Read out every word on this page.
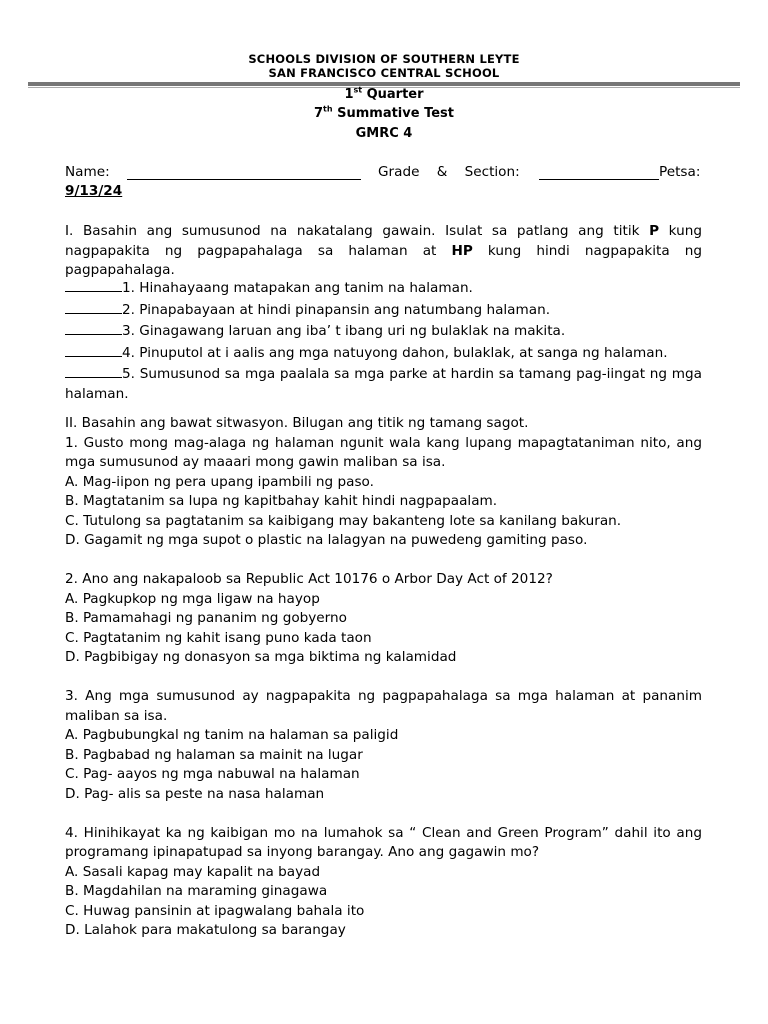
SCHOOLS DIVISION OF SOUTHERN LEYTE
SAN FRANCISCO CENTRAL SCHOOL
1st Quarter
7th Summative Test
GMRC 4
Name:	Grade    &    Section:	Petsa:
9/13/24
I. Basahin ang sumusunod na nakatalang gawain. Isulat sa patlang ang titik P kung nagpapakita ng pagpapahalaga sa halaman at HP kung hindi nagpapakita ng pagpapahalaga.
1. Hinahayaang matapakan ang tanim na halaman.
2. Pinapabayaan at hindi pinapansin ang natumbang halaman.
3. Ginagawang laruan ang iba’ t ibang uri ng bulaklak na makita.
4. Pinuputol at i aalis ang mga natuyong dahon, bulaklak, at sanga ng halaman.
5. Sumusunod sa mga paalala sa mga parke at hardin sa tamang pag-iingat ng mga halaman.
II. Basahin ang bawat sitwasyon. Bilugan ang titik ng tamang sagot.
1. Gusto mong mag-alaga ng halaman ngunit wala kang lupang mapagtataniman nito, ang mga sumusunod ay maaari mong gawin maliban sa isa.
A. Mag-iipon ng pera upang ipambili ng paso.
B. Magtatanim sa lupa ng kapitbahay kahit hindi nagpapaalam.
C. Tutulong sa pagtatanim sa kaibigang may bakanteng lote sa kanilang bakuran.
D. Gagamit ng mga supot o plastic na lalagyan na puwedeng gamiting paso.
2. Ano ang nakapaloob sa Republic Act 10176 o Arbor Day Act of 2012?
A. Pagkupkop ng mga ligaw na hayop
B. Pamamahagi ng pananim ng gobyerno
C. Pagtatanim ng kahit isang puno kada taon
D. Pagbibigay ng donasyon sa mga biktima ng kalamidad
3. Ang mga sumusunod ay nagpapakita ng pagpapahalaga sa mga halaman at pananim maliban sa isa.
A. Pagbubungkal ng tanim na halaman sa paligid
B. Pagbabad ng halaman sa mainit na lugar
C. Pag- aayos ng mga nabuwal na halaman
D. Pag- alis sa peste na nasa halaman
4. Hinihikayat ka ng kaibigan mo na lumahok sa “ Clean and Green Program” dahil ito ang programang ipinapatupad sa inyong barangay. Ano ang gagawin mo?
A. Sasali kapag may kapalit na bayad
B. Magdahilan na maraming ginagawa
C. Huwag pansinin at ipagwalang bahala ito
D. Lalahok para makatulong sa barangay
